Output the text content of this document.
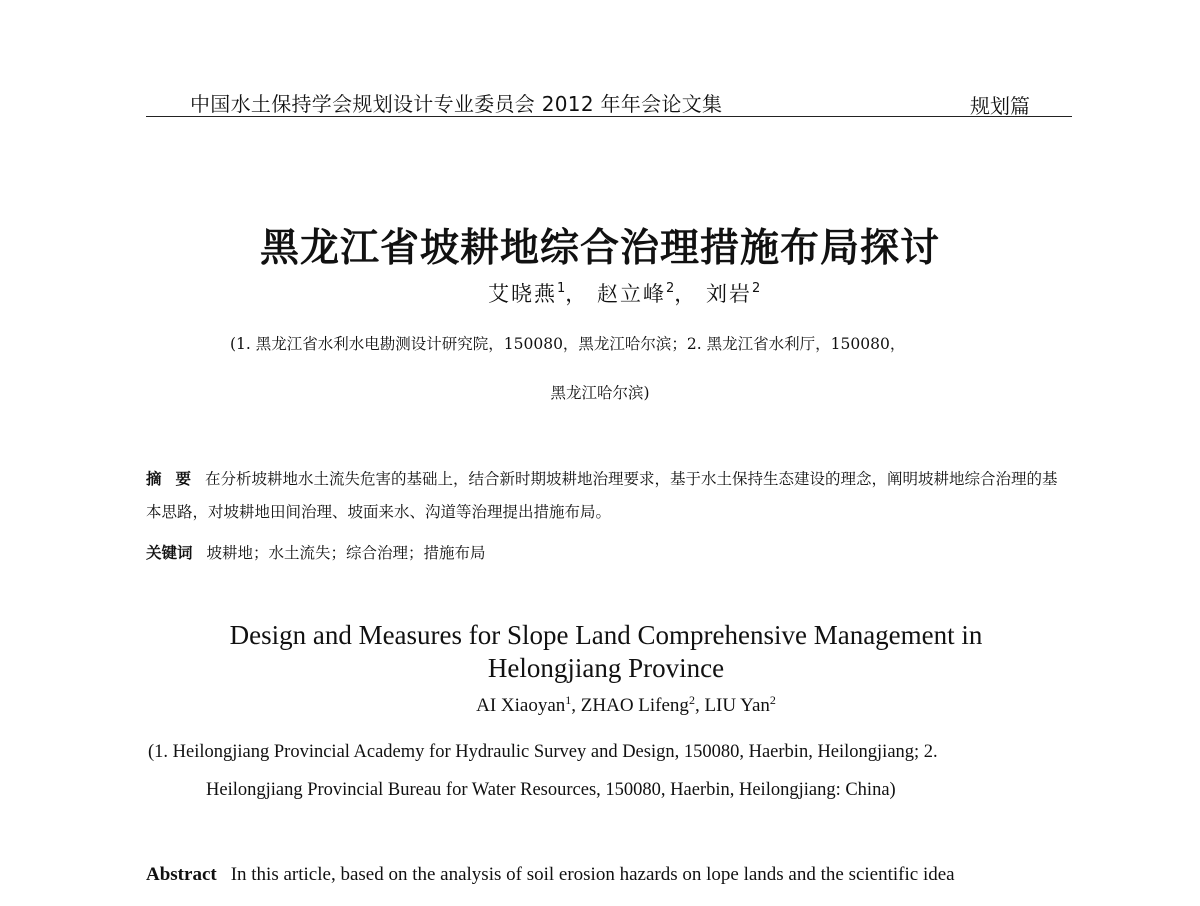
中国水土保持学会规划设计专业委员会 2012 年年会论文集	规划篇
黑龙江省坡耕地综合治理措施布局探讨
艾晓燕$^1$， 赵立峰$^2$， 刘岩$^2$
(1. 黑龙江省水利水电勘测设计研究院，150080，黑龙江哈尔滨；2. 黑龙江省水利厅，150080，
黑龙江哈尔滨)
摘要在分析坡耕地水土流失危害的基础上，结合新时期坡耕地治理要求，基于水土保持生态建设的理念，阐明坡耕地综合治理的基本思路，对坡耕地田间治理、坡面来水、沟道等治理提出措施布局。
关键词 坡耕地；水土流失；综合治理；措施布局
Design and Measures for Slope Land Comprehensive Management in
Helongjiang Province
AI Xiaoyan$^1$, ZHAO Lifeng$^2$, LIU Yan$^2$
(1. Heilongjiang Provincial Academy for Hydraulic Survey and Design, 150080, Haerbin, Heilongjiang; 2.
Heilongjiang Provincial Bureau for Water Resources, 150080, Haerbin, Heilongjiang: China)
Abstract In this article, based on the analysis of soil erosion hazards on lope lands and the scientific idea
